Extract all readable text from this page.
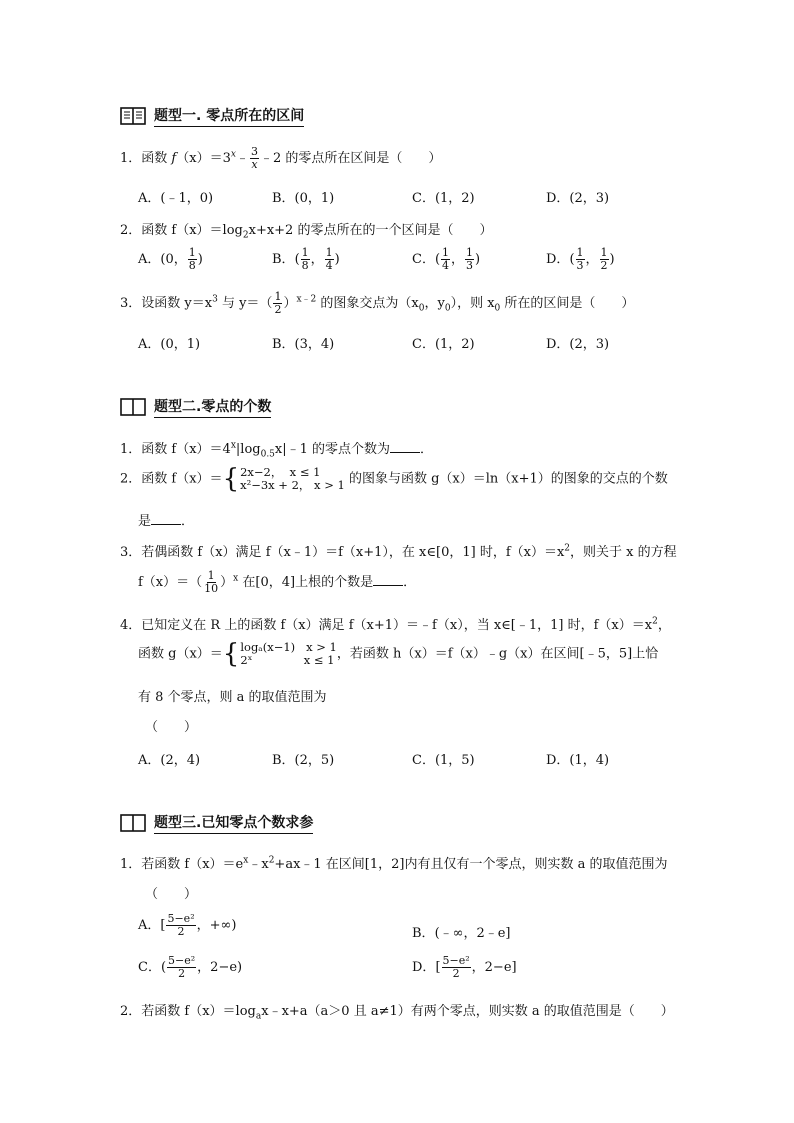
题型一. 零点所在的区间
1．函数 $f(x)=3^x﹣ \frac{3}{x}$ ﹣2 的零点所在区间是（　　）
A．(﹣1，0)	B．(0，1)	C．(1，2)	D．(2，3)
2．函数 $f(x)=\log_2x+x+2$ 的零点所在的一个区间是（　　）
A．(0， $\frac{1}{8}$ )	B．( $\frac{1}{8}$ ， $\frac{1}{4}$ )	C．( $\frac{1}{4}$ ， $\frac{1}{3}$ )	D．( $\frac{1}{3}$ ， $\frac{1}{2}$ )
3．设函数 $y=x^3$ 与 $y=( \frac{1}{2} )^{x﹣2}$ 的图象交点为（$x_0$，$y_0$），则 $x_0$ 所在的区间是（　　）
A．(0，1)	B．(3，4)	C．(1，2)	D．(2，3)
题型二.零点的个数
1．函数 $f(x)=4^x|\log_{0.5}x|﹣1$ 的零点个数为 ．
2．函数 f（x）＝{ 2x−2，  x ≤ 1
x²−3x + 2， x > 1 的图象与函数 g（x）＝ln（x+1）的图象的交点的个数
是 ．
3．若偶函数 f（x）满足 f（x﹣1）＝f（x+1），在 x∈[0，1] 时，$f(x)=x^2$，则关于 x 的方程
$f(x)=( \frac{1}{10} )^x$ 在[0，4]上根的个数是 ．
4．已知定义在 R 上的函数 f（x）满足 f（x+1）＝﹣f（x），当 x∈[﹣1，1] 时，$f(x)=x^2$，
函数 g（x）＝{ logₐ(x−1)   x > 1
2ˣ              x ≤ 1 ，若函数 h（x）＝f（x）﹣g（x）在区间[﹣5，5]上恰
有 8 个零点，则 a 的取值范围为
（　　）
A．(2，4)	B．(2，5)	C．(1，5)	D．(1，4)
题型三.已知零点个数求参
1．若函数 $f(x)=e^x﹣x^2+ax﹣1$ 在区间[1，2]内有且仅有一个零点，则实数 a 的取值范围为
（　　）
A．[ $\frac{\text{5−e²}}{2}$ ，+∞)
B．(﹣∞，2﹣e]
C．( $\frac{\text{5−e²}}{2}$ ，2−e)	D．[ $\frac{\text{5−e²}}{2}$ ，2−e]
2．若函数 $f(x)=\log_ax﹣x+a(a>0$ 且 a≠1）有两个零点，则实数 a 的取值范围是（　　）
